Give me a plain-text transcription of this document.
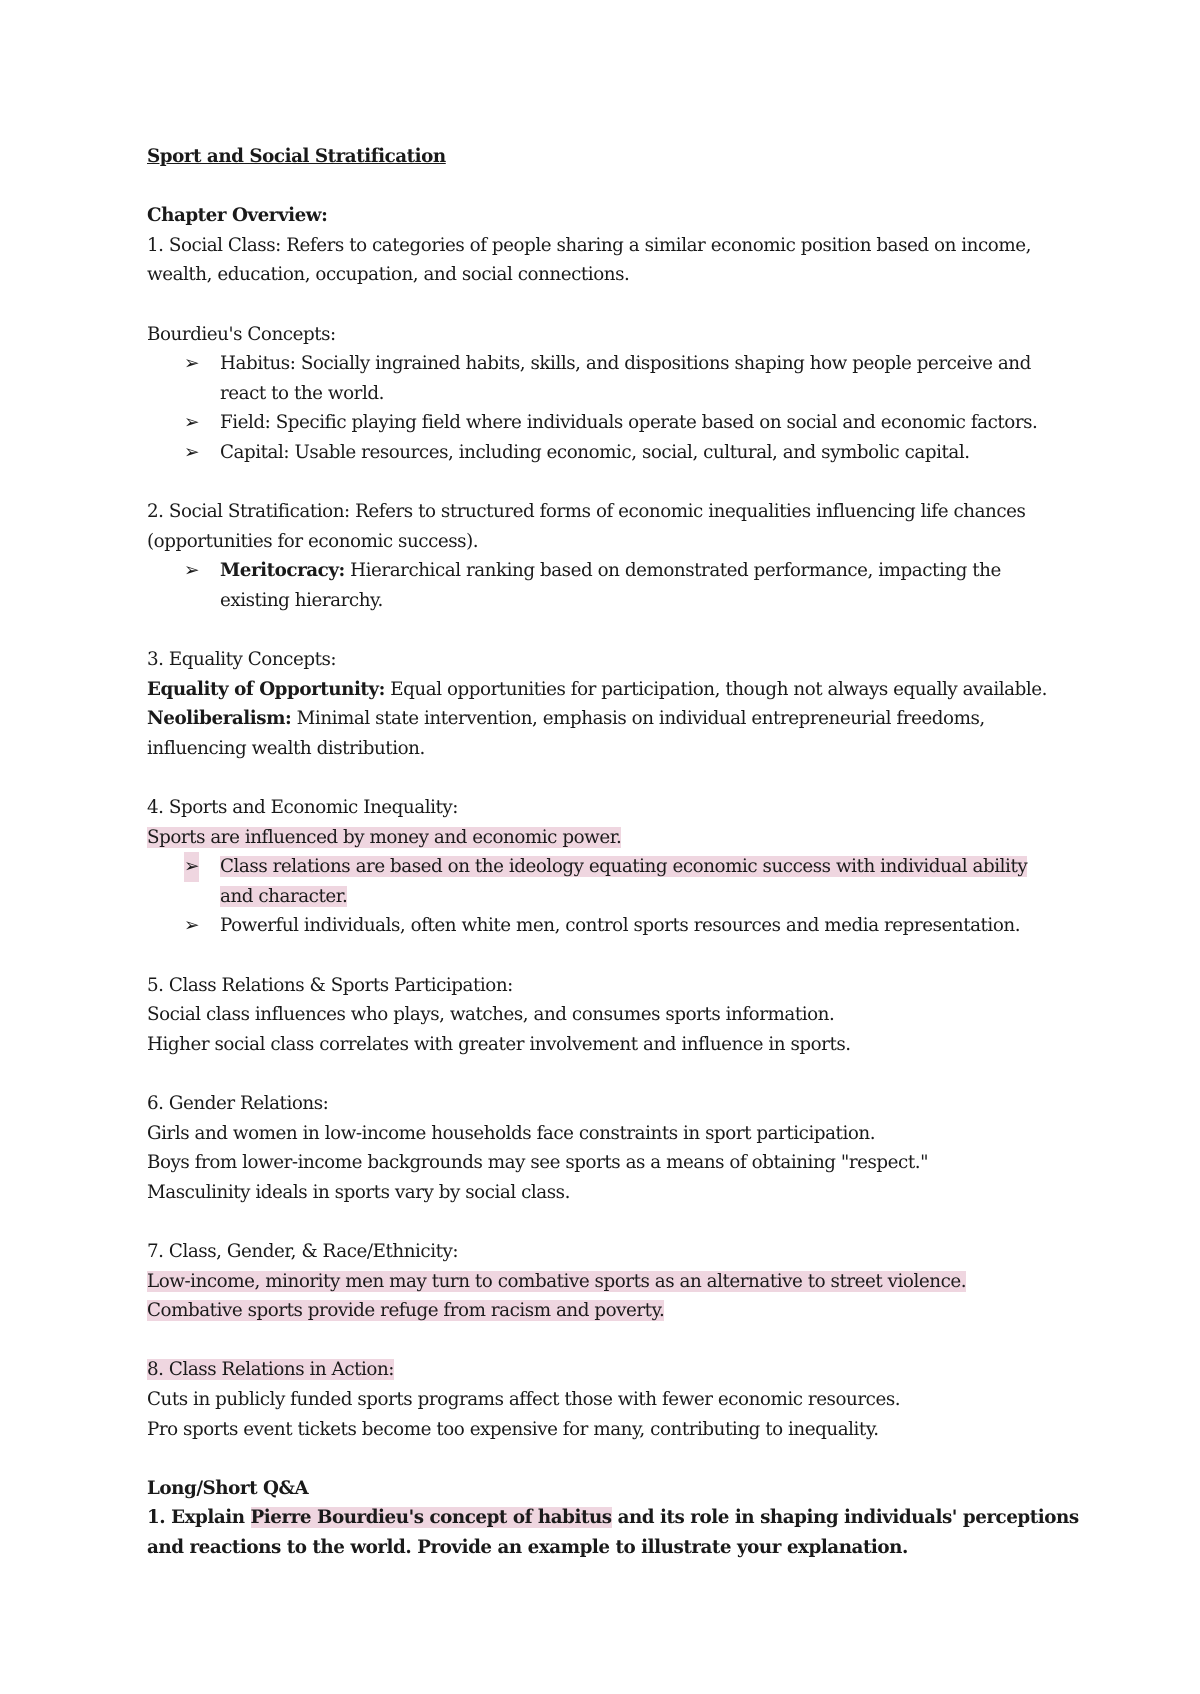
Sport and Social Stratification
Chapter Overview:
1. Social Class: Refers to categories of people sharing a similar economic position based on income,
wealth, education, occupation, and social connections.
Bourdieu's Concepts:
➢ Habitus: Socially ingrained habits, skills, and dispositions shaping how people perceive and
react to the world.
➢ Field: Specific playing field where individuals operate based on social and economic factors.
➢ Capital: Usable resources, including economic, social, cultural, and symbolic capital.
2. Social Stratification: Refers to structured forms of economic inequalities influencing life chances
(opportunities for economic success).
➢ Meritocracy: Hierarchical ranking based on demonstrated performance, impacting the
existing hierarchy.
3. Equality Concepts:
Equality of Opportunity: Equal opportunities for participation, though not always equally available.
Neoliberalism: Minimal state intervention, emphasis on individual entrepreneurial freedoms,
influencing wealth distribution.
4. Sports and Economic Inequality:
Sports are influenced by money and economic power.
➢ Class relations are based on the ideology equating economic success with individual ability
and character.
➢ Powerful individuals, often white men, control sports resources and media representation.
5. Class Relations & Sports Participation:
Social class influences who plays, watches, and consumes sports information.
Higher social class correlates with greater involvement and influence in sports.
6. Gender Relations:
Girls and women in low-income households face constraints in sport participation.
Boys from lower-income backgrounds may see sports as a means of obtaining "respect."
Masculinity ideals in sports vary by social class.
7. Class, Gender, & Race/Ethnicity:
Low-income, minority men may turn to combative sports as an alternative to street violence.
Combative sports provide refuge from racism and poverty.
8. Class Relations in Action:
Cuts in publicly funded sports programs affect those with fewer economic resources.
Pro sports event tickets become too expensive for many, contributing to inequality.
Long/Short Q&A
1. Explain Pierre Bourdieu's concept of habitus and its role in shaping individuals' perceptions
and reactions to the world. Provide an example to illustrate your explanation.
